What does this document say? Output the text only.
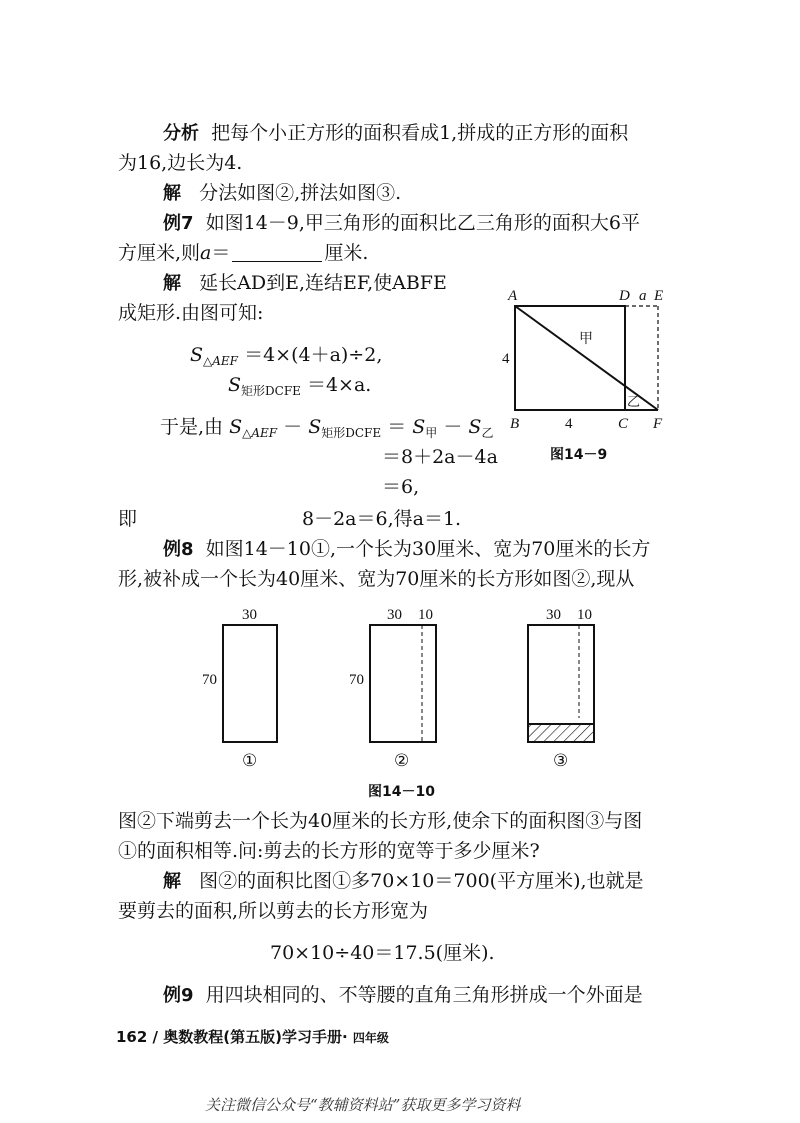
分析 把每个小正方形的面积看成1,拼成的正方形的面积
为16,边长为4.
解 分法如图②,拼法如图③.
例7 如图14－9,甲三角形的面积比乙三角形的面积大6平
方厘米,则a＝	厘米.
解 延长AD到E,连结EF,使ABFE
成矩形.由图可知:
$S_{\triangle AEF} =4\times(4+a)\div 2$,
$S_{矩形DCFE} =4\times a$.
于是,由 $S_{\triangle AEF} - S_{矩形DCFE} = S_甲 - S_乙$
＝8＋2a－4a
＝6,
即	8－2a＝6,得a＝1.
A	D a E
B	C F
4
4
甲
乙
图14－9
例8 如图14－10①,一个长为30厘米、宽为70厘米的长方
形,被补成一个长为40厘米、宽为70厘米的长方形如图②,现从
30
70
①
30 10
70
②
30 10
③
图14－10
图②下端剪去一个长为40厘米的长方形,使余下的面积图③与图
①的面积相等.问:剪去的长方形的宽等于多少厘米?
解 图②的面积比图①多70×10＝700(平方厘米),也就是
要剪去的面积,所以剪去的长方形宽为
70×10÷40＝17.5(厘米).
例9 用四块相同的、不等腰的直角三角形拼成一个外面是
162 / 奥数教程(第五版)学习手册· 四年级
关注微信公众号“教辅资料站”获取更多学习资料
